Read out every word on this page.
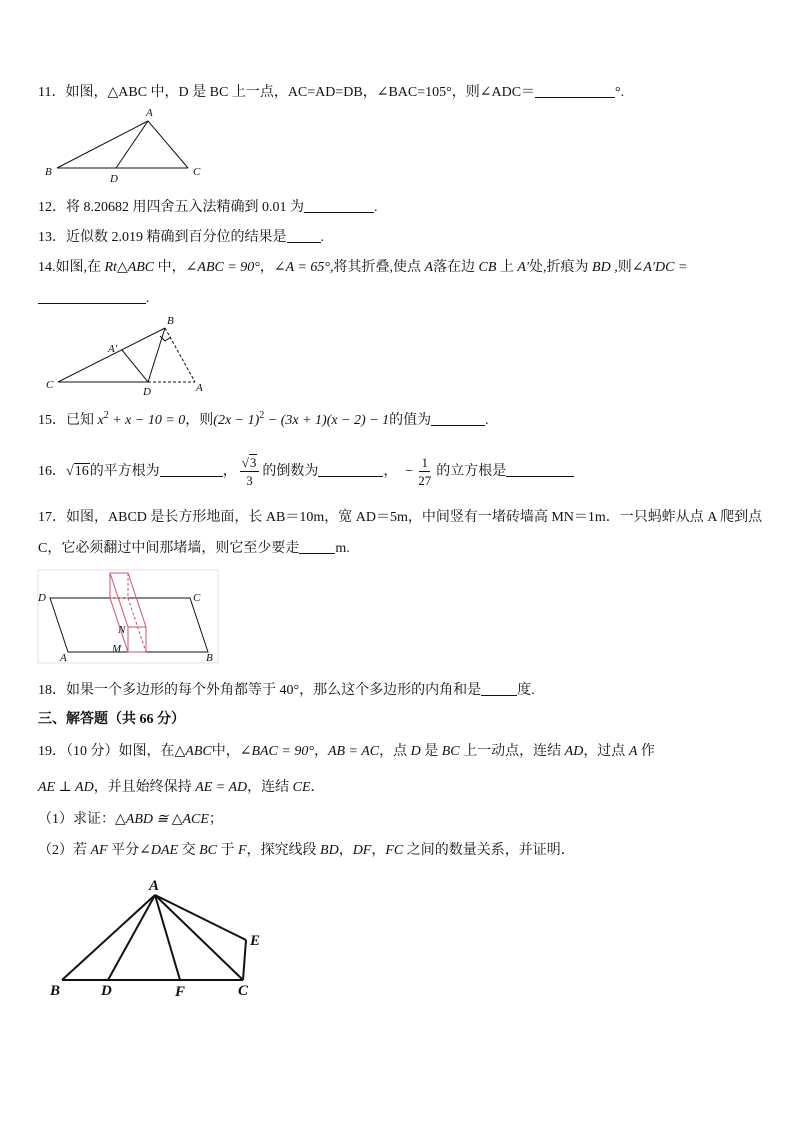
11．如图，△ABC 中，D 是 BC 上一点，AC=AD=DB，∠BAC=105°，则∠ADC＝	°.
A
B
D
C
12．将 8.20682 用四舍五入法精确到 0.01 为	.
13．近似数 2.019 精确到百分位的结果是 .
14.如图,在 Rt△ABC 中，∠ABC = 90°，∠A = 65°,将其折叠,使点 A落在边 CB 上 A′处,折痕为 BD ,则∠A′DC =
.
B
A′
C
D	A
15．已知 $x^2 + x - 10 = 0$，则$(2x - 1)^2 - (3x + 1)(x - 2) - 1$的值为	.
16．√16的平方根为	， $\frac{√3}{3}$ 的倒数为	， − $\frac{1}{27}$ 的立方根是
17．如图，ABCD 是长方形地面，长 AB＝10m，宽 AD＝5m，中间竖有一堵砖墙高 MN＝1m．一只蚂蚱从点 A 爬到点
C，它必须翻过中间那堵墙，则它至少要走	m.
D	C
A	B
N
M
18．如果一个多边形的每个外角都等于 40°，那么这个多边形的内角和是	度.
三、解答题（共 66 分）
19．（10 分）如图，在△ABC中，∠BAC = 90°，AB = AC，点 D 是 BC 上一动点，连结 AD，过点 A 作
AE ⊥ AD，并且始终保持 AE = AD，连结 CE．
（1）求证：△ABD ≅ △ACE；
（2）若 AF 平分∠DAE 交 BC 于 F，探究线段 BD，DF，FC 之间的数量关系，并证明．
A
E
B	D	F	C
